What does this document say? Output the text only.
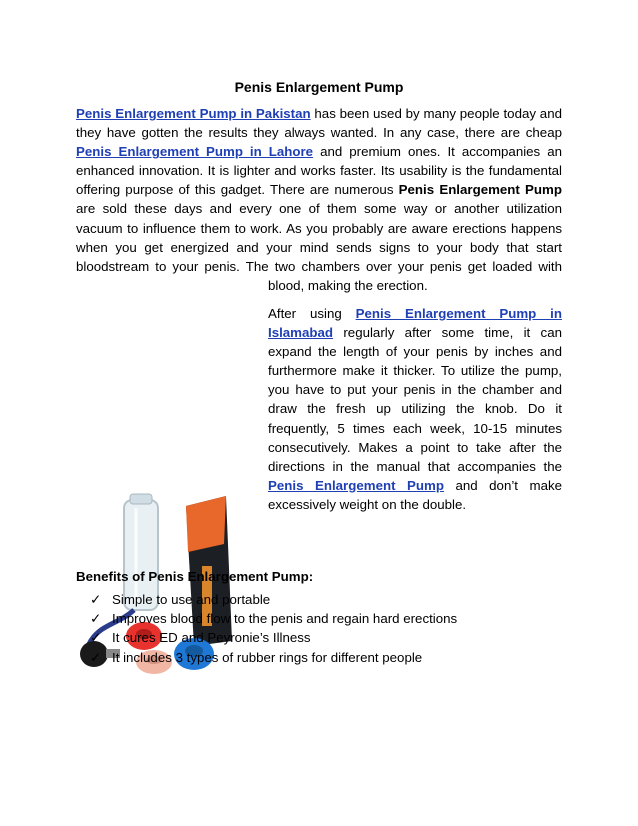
Penis Enlargement Pump
Penis Enlargement Pump in Pakistan has been used by many people today and they have gotten the results they always wanted. In any case, there are cheap Penis Enlargement Pump in Lahore and premium ones. It accompanies an enhanced innovation. It is lighter and works faster. Its usability is the fundamental offering purpose of this gadget. There are numerous Penis Enlargement Pump are sold these days and every one of them some way or another utilization vacuum to influence them to work. As you probably are aware erections happens when you get energized and your mind sends signs to your body that start bloodstream to your penis. The two chambers over your penis get loaded with blood, making the erection.
After using Penis Enlargement Pump in Islamabad regularly after some time, it can expand the length of your penis by inches and furthermore make it thicker. To utilize the pump, you have to put your penis in the chamber and draw the fresh up utilizing the knob. Do it frequently, 5 times each week, 10-15 minutes consecutively. Makes a point to take after the directions in the manual that accompanies the Penis Enlargement Pump and don’t make excessively weight on the double.
Benefits of Penis Enlargement Pump:
✓ Simple to use and portable
✓ Improves blood flow to the penis and regain hard erections
✓ It cures ED and Peyronie’s Illness
✓ It includes 3 types of rubber rings for different people
